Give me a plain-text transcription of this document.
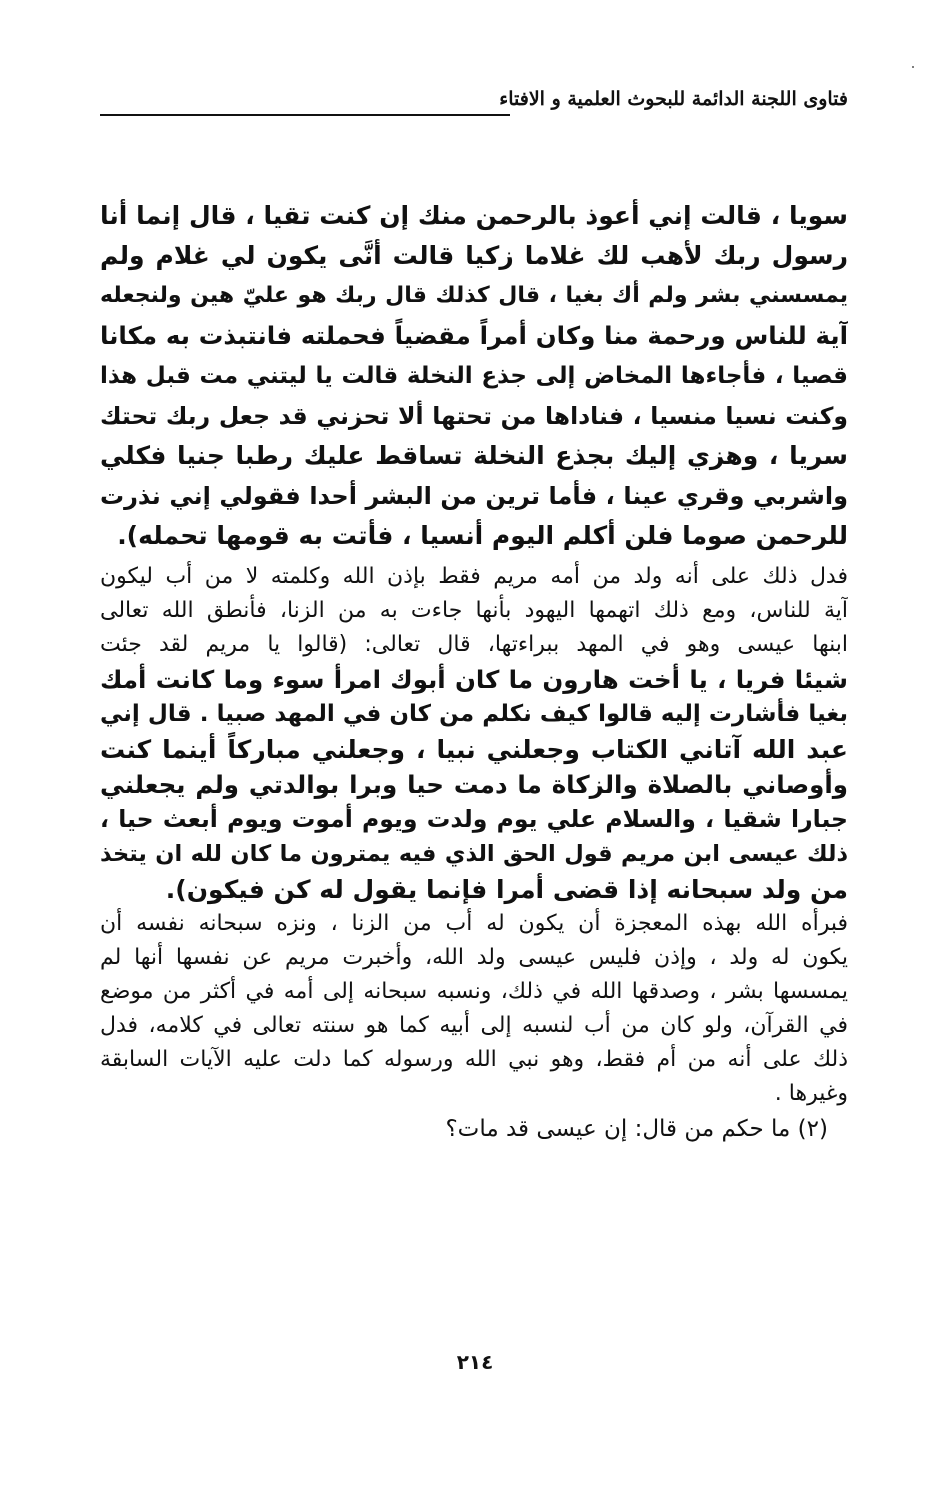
فتاوى اللجنة الدائمة للبحوث العلمية و الافتاء
سويا ، قالت إني أعوذ بالرحمن منك إن كنت تقيا ، قال إنما أنا
رسول ربك لأهب لك غلاما زكيا قالت أنَّى يكون لي غلام ولم
يمسسني بشر ولم أك بغيا ، قال كذلك قال ربك هو عليّ هين ولنجعله
آية للناس ورحمة منا وكان أمراً مقضياً فحملته فانتبذت به مكانا
قصيا ، فأجاءها المخاض إلى جذع النخلة قالت يا ليتني مت قبل هذا
وكنت نسيا منسيا ، فناداها من تحتها ألا تحزني قد جعل ربك تحتك
سريا ، وهزي إليك بجذع النخلة تساقط عليك رطبا جنيا فكلي
واشربي وقري عينا ، فأما ترين من البشر أحدا فقولي إني نذرت
للرحمن صوما فلن أكلم اليوم أنسيا ، فأتت به قومها تحمله).
فدل ذلك على أنه ولد من أمه مريم فقط بإذن الله وكلمته لا من أب ليكون
آية للناس، ومع ذلك اتهمها اليهود بأنها جاءت به من الزنا، فأنطق الله تعالى
ابنها عيسى وهو في المهد ببراءتها، قال تعالى: (قالوا يا مريم لقد جئت
شيئا فريا ، يا أخت هارون ما كان أبوك امرأ سوء وما كانت أمك
بغيا فأشارت إليه قالوا كيف نكلم من كان في المهد صبيا . قال إني
عبد الله آتاني الكتاب وجعلني نبيا ، وجعلني مباركاً أينما كنت
وأوصاني بالصلاة والزكاة ما دمت حيا وبرا بوالدتي ولم يجعلني
جبارا شقيا ، والسلام علي يوم ولدت ويوم أموت ويوم أبعث حيا ،
ذلك عيسى ابن مريم قول الحق الذي فيه يمترون ما كان لله ان يتخذ
من ولد سبحانه إذا قضى أمرا فإنما يقول له كن فيكون).
فبرأه الله بهذه المعجزة أن يكون له أب من الزنا ، ونزه سبحانه نفسه أن
يكون له ولد ، وإذن فليس عيسى ولد الله، وأخبرت مريم عن نفسها أنها لم
يمسسها بشر ، وصدقها الله في ذلك، ونسبه سبحانه إلى أمه في أكثر من موضع
في القرآن، ولو كان من أب لنسبه إلى أبيه كما هو سنته تعالى في كلامه، فدل
ذلك على أنه من أم فقط، وهو نبي الله ورسوله كما دلت عليه الآيات السابقة
وغيرها .
(٢) ما حكم من قال: إن عيسى قد مات؟
٢١٤
